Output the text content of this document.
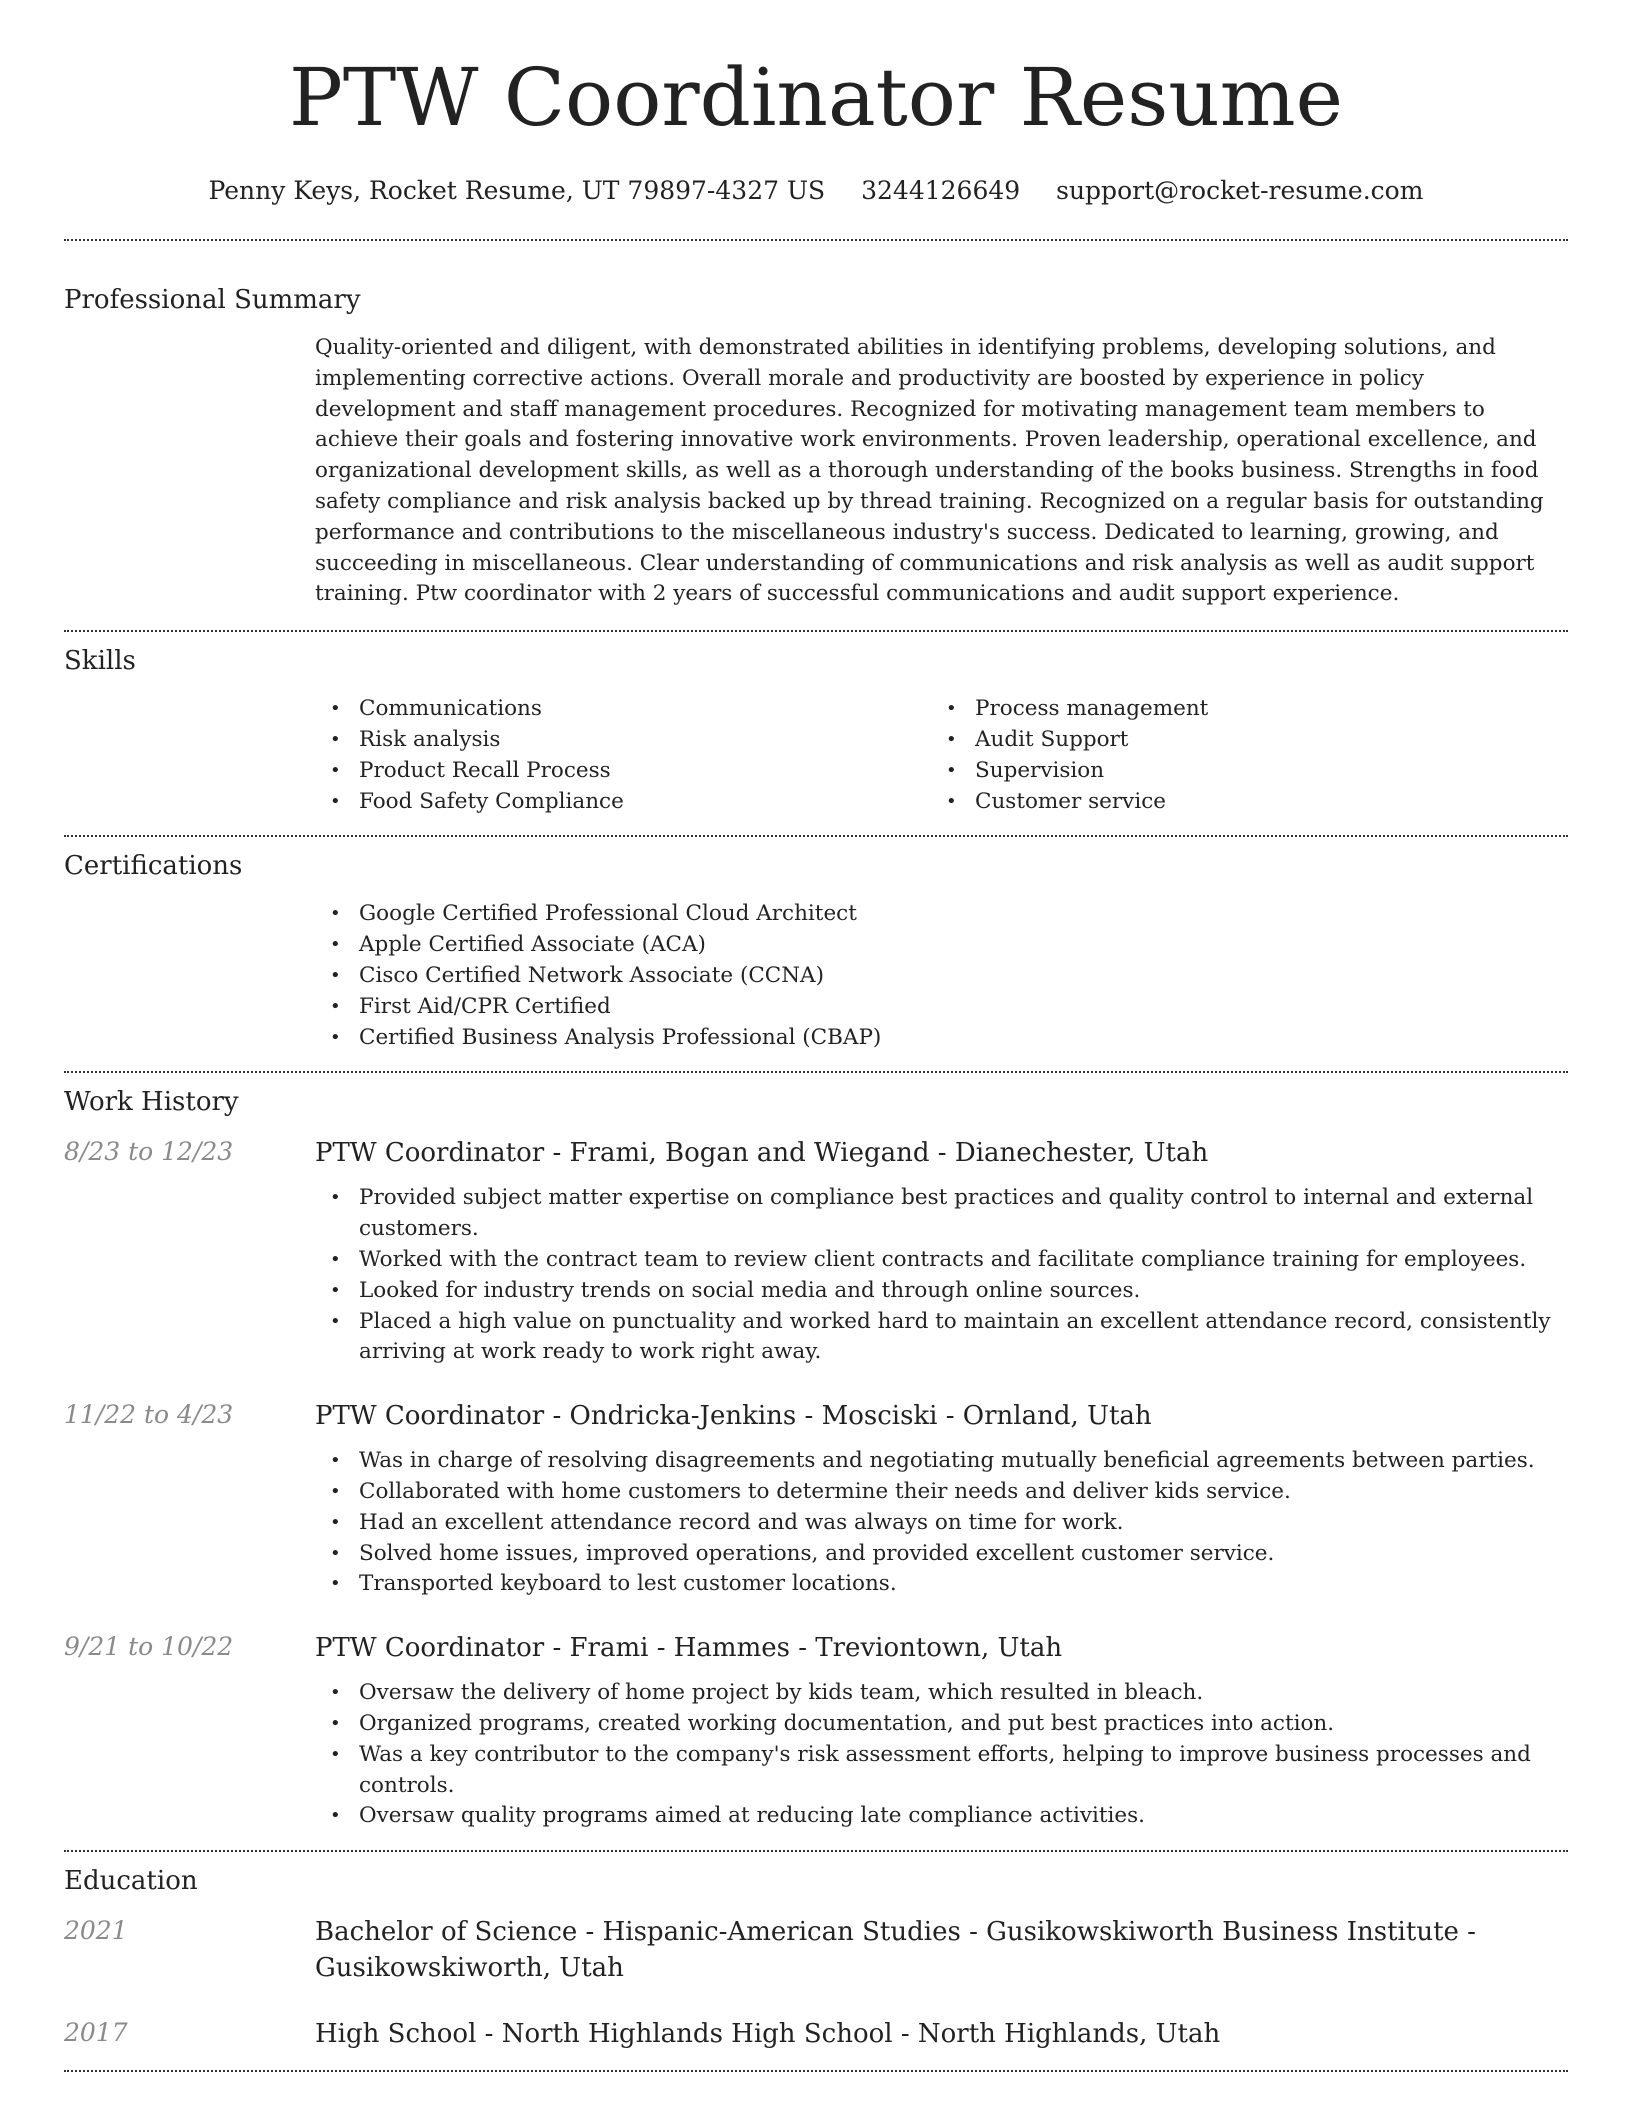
PTW Coordinator Resume
Penny Keys, Rocket Resume, UT 79897-4327 US 3244126649 support@rocket-resume.com
Professional Summary
Quality-oriented and diligent, with demonstrated abilities in identifying problems, developing solutions, and implementing corrective actions. Overall morale and productivity are boosted by experience in policy development and staff management procedures. Recognized for motivating management team members to achieve their goals and fostering innovative work environments. Proven leadership, operational excellence, and organizational development skills, as well as a thorough understanding of the books business. Strengths in food safety compliance and risk analysis backed up by thread training. Recognized on a regular basis for outstanding performance and contributions to the miscellaneous industry's success. Dedicated to learning, growing, and succeeding in miscellaneous. Clear understanding of communications and risk analysis as well as audit support training. Ptw coordinator with 2 years of successful communications and audit support experience.
Skills
• Communications
• Risk analysis
• Product Recall Process
• Food Safety Compliance
• Process management
• Audit Support
• Supervision
• Customer service
Certifications
• Google Certified Professional Cloud Architect
• Apple Certified Associate (ACA)
• Cisco Certified Network Associate (CCNA)
• First Aid/CPR Certified
• Certified Business Analysis Professional (CBAP)
Work History
8/23 to 12/23	PTW Coordinator - Frami, Bogan and Wiegand - Dianechester, Utah
• Provided subject matter expertise on compliance best practices and quality control to internal and external customers.
• Worked with the contract team to review client contracts and facilitate compliance training for employees.
• Looked for industry trends on social media and through online sources.
• Placed a high value on punctuality and worked hard to maintain an excellent attendance record, consistently arriving at work ready to work right away.
11/22 to 4/23	PTW Coordinator - Ondricka-Jenkins - Mosciski - Ornland, Utah
• Was in charge of resolving disagreements and negotiating mutually beneficial agreements between parties.
• Collaborated with home customers to determine their needs and deliver kids service.
• Had an excellent attendance record and was always on time for work.
• Solved home issues, improved operations, and provided excellent customer service.
• Transported keyboard to lest customer locations.
9/21 to 10/22	PTW Coordinator - Frami - Hammes - Treviontown, Utah
• Oversaw the delivery of home project by kids team, which resulted in bleach.
• Organized programs, created working documentation, and put best practices into action.
• Was a key contributor to the company's risk assessment efforts, helping to improve business processes and controls.
• Oversaw quality programs aimed at reducing late compliance activities.
Education
2021	Bachelor of Science - Hispanic-American Studies - Gusikowskiworth Business Institute - Gusikowskiworth, Utah
2017	High School - North Highlands High School - North Highlands, Utah
